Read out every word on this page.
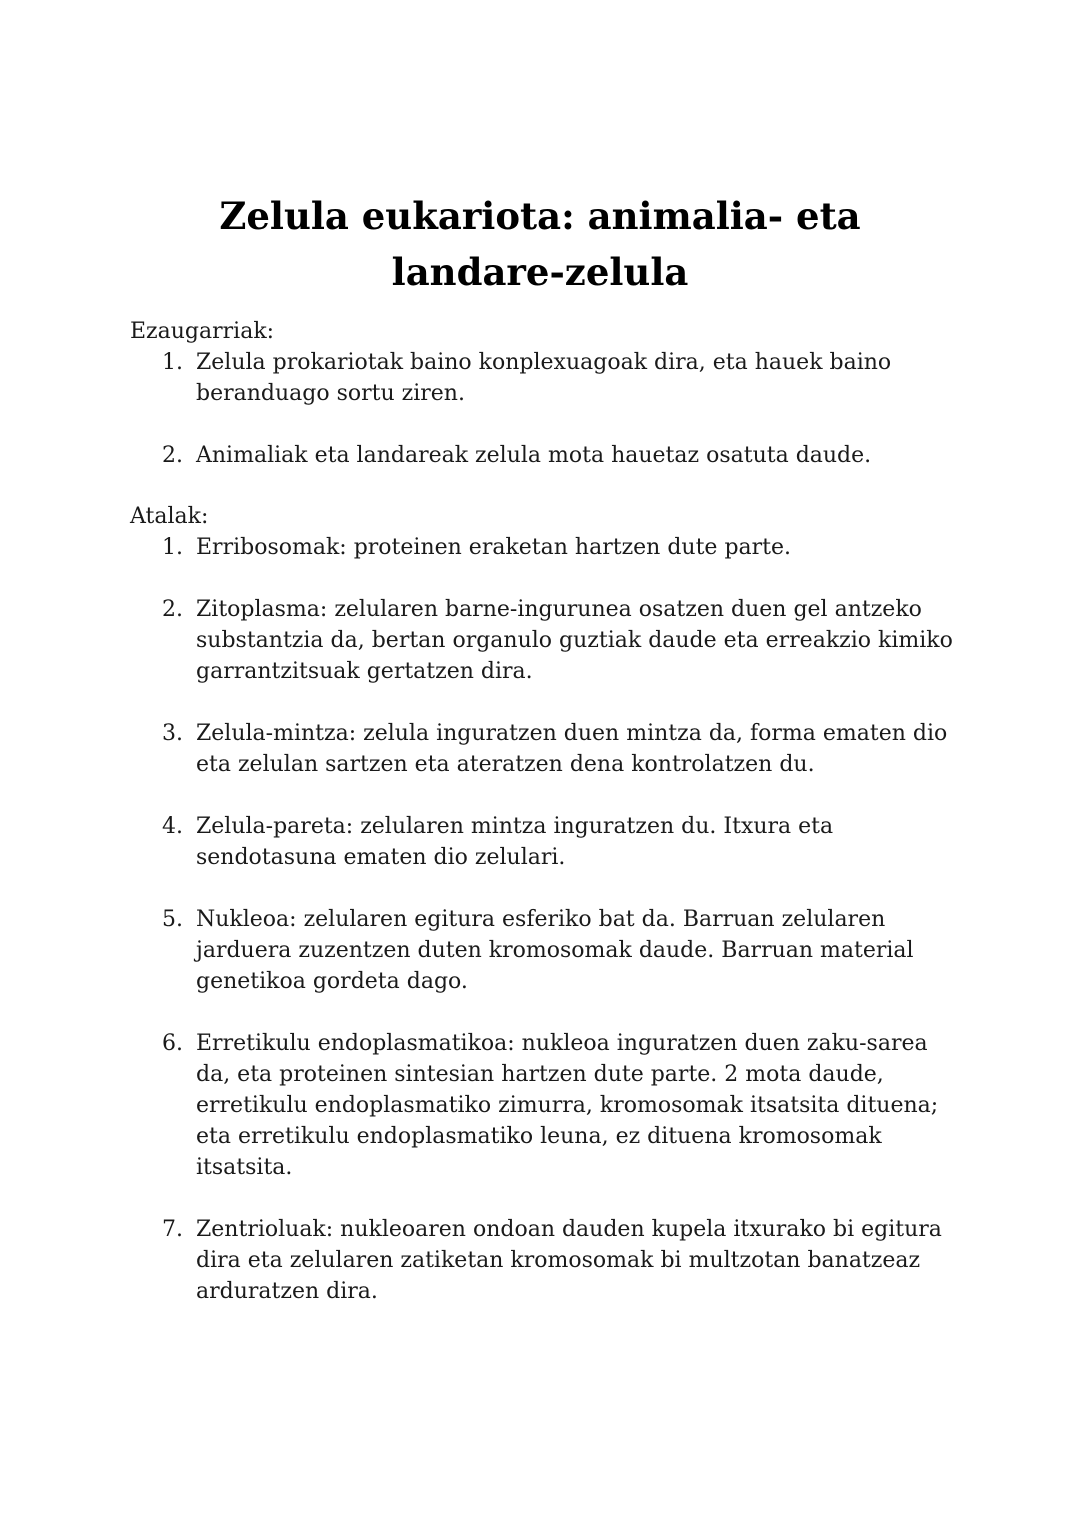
Zelula eukariota: animalia- eta landare-zelula

Ezaugarriak:

1. Zelula prokariotak baino konplexuagoak dira, eta hauek baino beranduago sortu ziren.
2. Animaliak eta landareak zelula mota hauetaz osatuta daude.

Atalak:

1. Erribosomak: proteinen eraketan hartzen dute parte.
2. Zitoplasma: zelularen barne-ingurunea osatzen duen gel antzeko substantzia da, bertan organulo guztiak daude eta erreakzio kimiko garrantzitsuak gertatzen dira.
3. Zelula-mintza: zelula inguratzen duen mintza da, forma ematen dio eta zelulan sartzen eta ateratzen dena kontrolatzen du.
4. Zelula-pareta: zelularen mintza inguratzen du. Itxura eta sendotasuna ematen dio zelulari.
5. Nukleoa: zelularen egitura esferiko bat da. Barruan zelularen jarduera zuzentzen duten kromosomak daude. Barruan material genetikoa gordeta dago.
6. Erretikulu endoplasmatikoa: nukleoa inguratzen duen zaku-sarea da, eta proteinen sintesian hartzen dute parte. 2 mota daude, erretikulu endoplasmatiko zimurra, kromosomak itsatsita dituena; eta erretikulu endoplasmatiko leuna, ez dituena kromosomak itsatsita.
7. Zentrioluak: nukleoaren ondoan dauden kupela itxurako bi egitura dira eta zelularen zatiketan kromosomak bi multzotan banatzeaz arduratzen dira.
